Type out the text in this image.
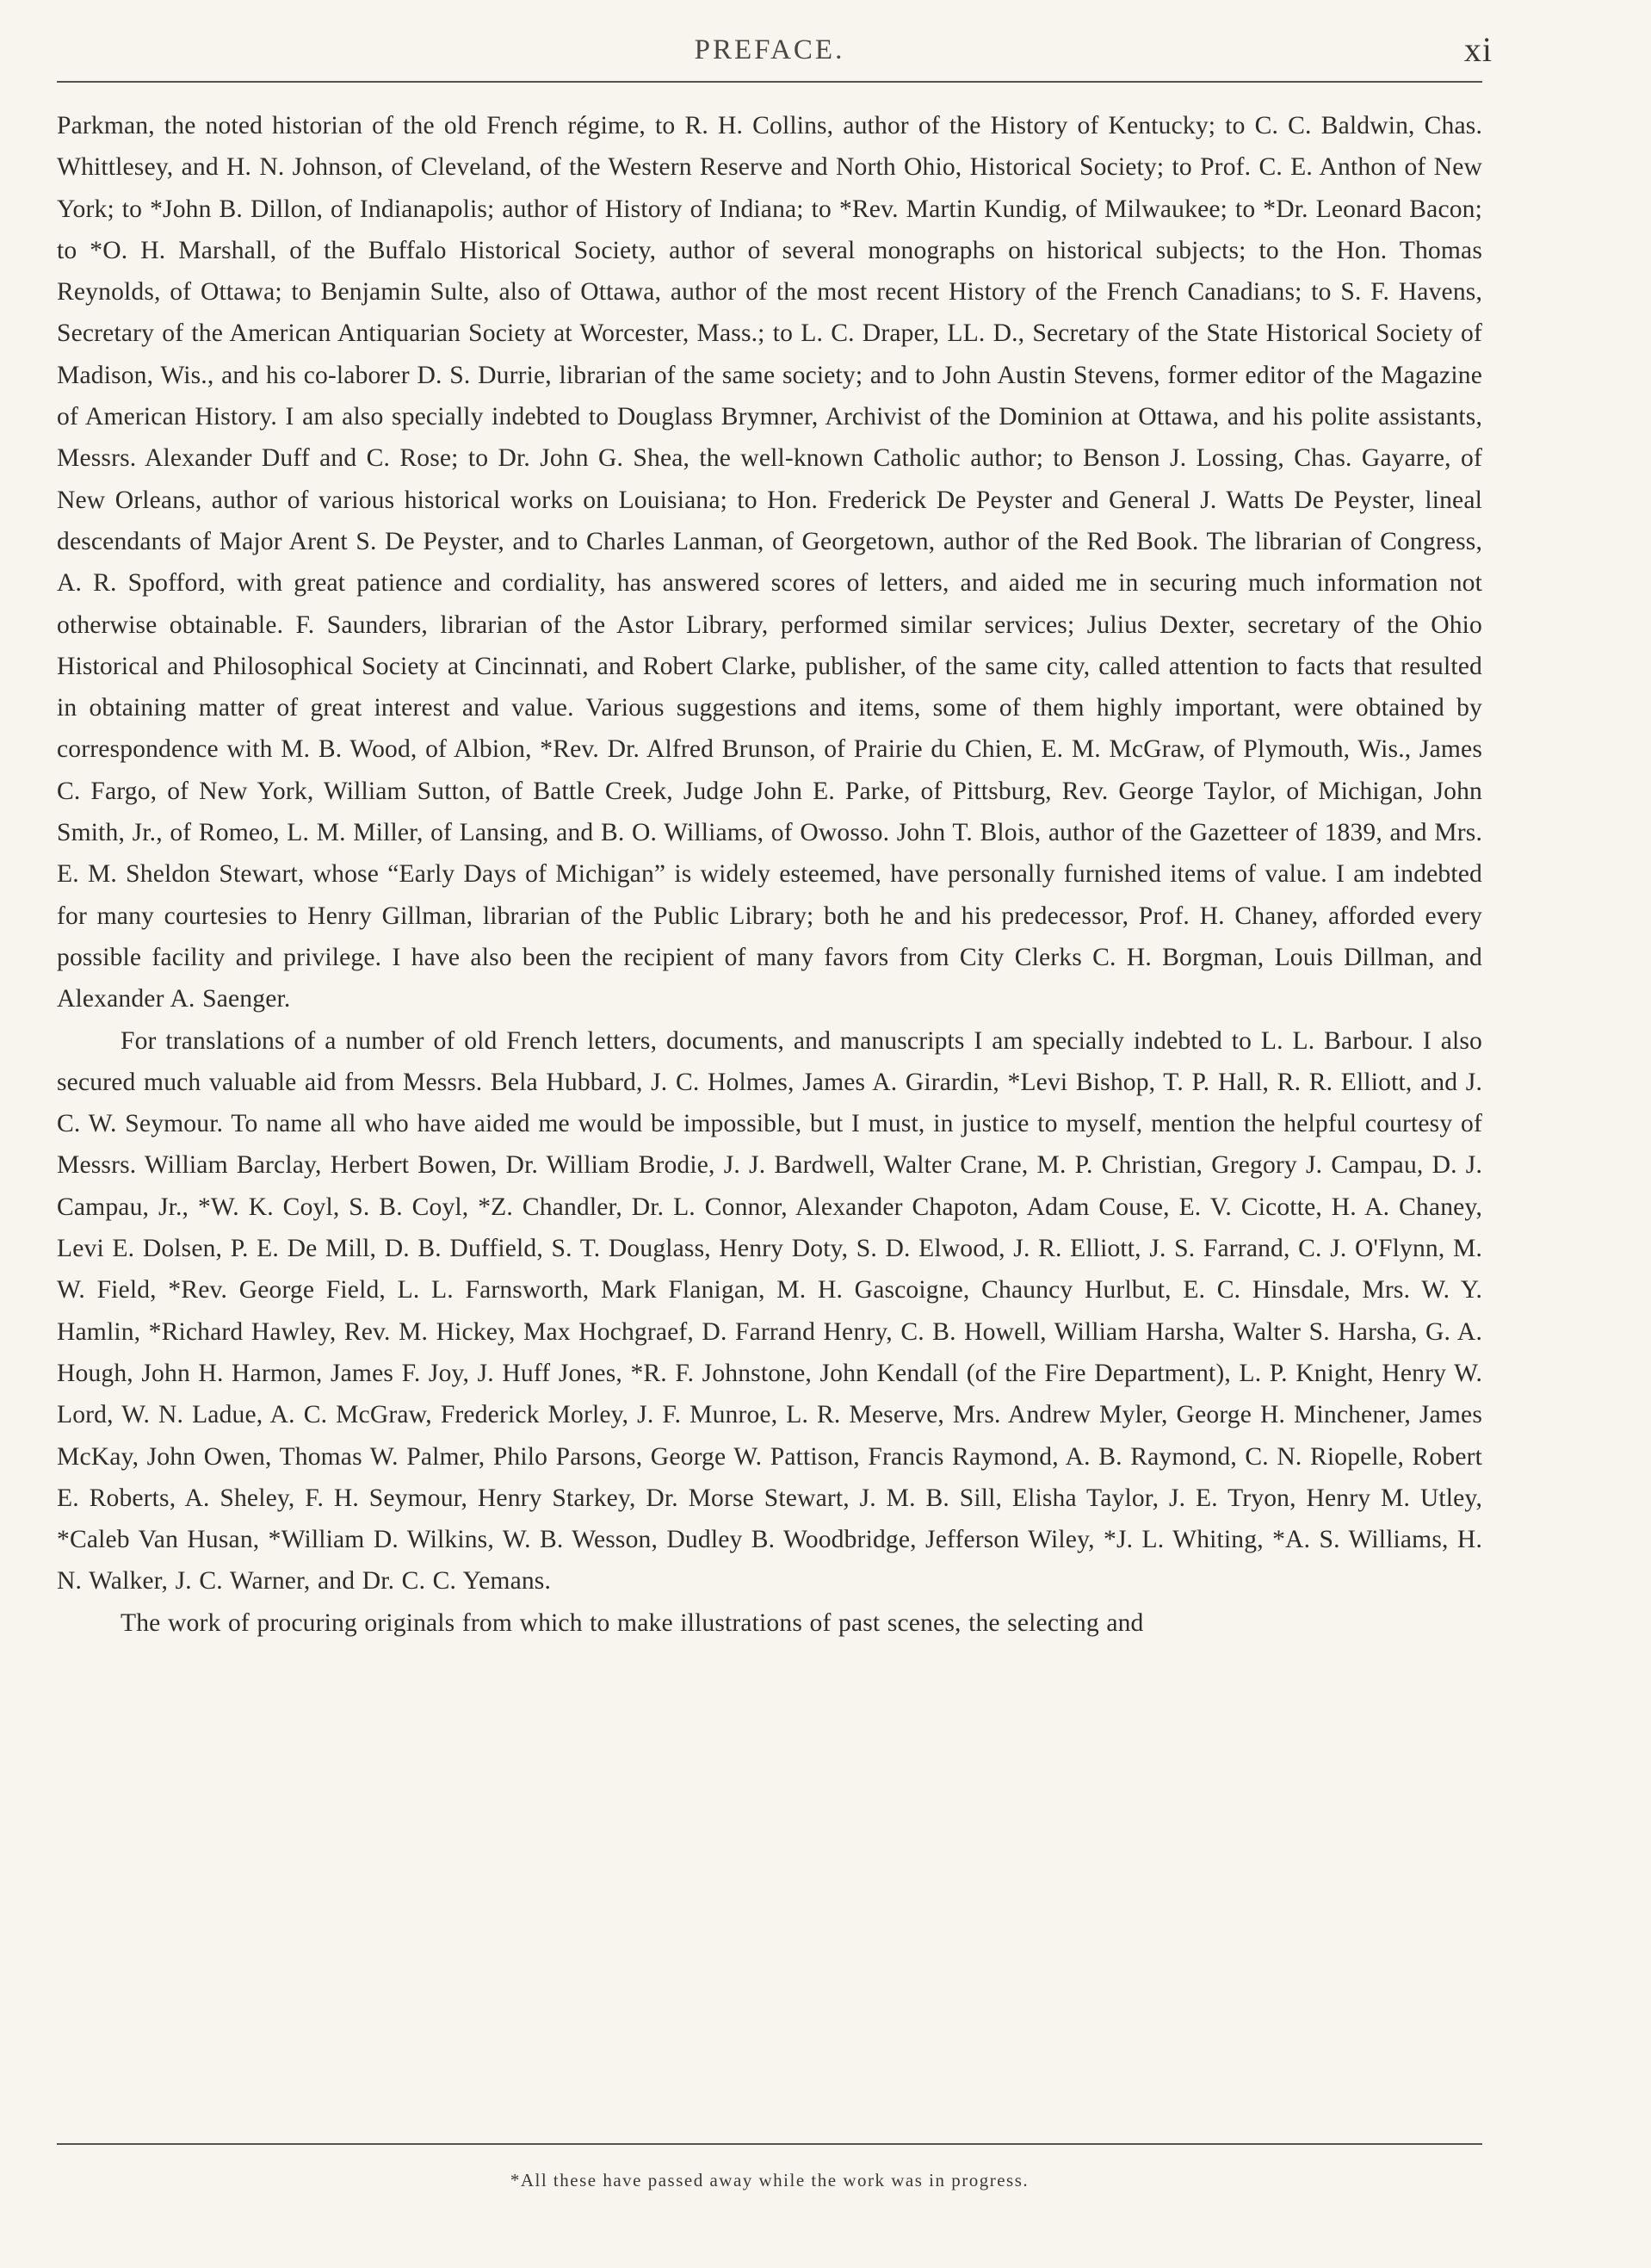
PREFACE.	xi

Parkman, the noted historian of the old French régime, to R. H. Collins, author of the History of Kentucky; to C. C. Baldwin, Chas. Whittlesey, and H. N. Johnson, of Cleveland, of the Western Reserve and North Ohio, Historical Society; to Prof. C. E. Anthon of New York; to *John B. Dillon, of Indianapolis; author of History of Indiana; to *Rev. Martin Kundig, of Milwaukee; to *Dr. Leonard Bacon; to *O. H. Marshall, of the Buffalo Historical Society, author of several monographs on historical subjects; to the Hon. Thomas Reynolds, of Ottawa; to Benjamin Sulte, also of Ottawa, author of the most recent History of the French Canadians; to S. F. Havens, Secretary of the American Antiquarian Society at Worcester, Mass.; to L. C. Draper, LL. D., Secretary of the State Historical Society of Madison, Wis., and his co-laborer D. S. Durrie, librarian of the same society; and to John Austin Stevens, former editor of the Magazine of American History. I am also specially indebted to Douglass Brymner, Archivist of the Dominion at Ottawa, and his polite assistants, Messrs. Alexander Duff and C. Rose; to Dr. John G. Shea, the well-known Catholic author; to Benson J. Lossing, Chas. Gayarre, of New Orleans, author of various historical works on Louisiana; to Hon. Frederick De Peyster and General J. Watts De Peyster, lineal descendants of Major Arent S. De Peyster, and to Charles Lanman, of Georgetown, author of the Red Book. The librarian of Congress, A. R. Spofford, with great patience and cordiality, has answered scores of letters, and aided me in securing much information not otherwise obtainable. F. Saunders, librarian of the Astor Library, performed similar services; Julius Dexter, secretary of the Ohio Historical and Philosophical Society at Cincinnati, and Robert Clarke, publisher, of the same city, called attention to facts that resulted in obtaining matter of great interest and value. Various suggestions and items, some of them highly important, were obtained by correspondence with M. B. Wood, of Albion, *Rev. Dr. Alfred Brunson, of Prairie du Chien, E. M. McGraw, of Plymouth, Wis., James C. Fargo, of New York, William Sutton, of Battle Creek, Judge John E. Parke, of Pittsburg, Rev. George Taylor, of Michigan, John Smith, Jr., of Romeo, L. M. Miller, of Lansing, and B. O. Williams, of Owosso. John T. Blois, author of the Gazetteer of 1839, and Mrs. E. M. Sheldon Stewart, whose “Early Days of Michigan” is widely esteemed, have personally furnished items of value. I am indebted for many courtesies to Henry Gillman, librarian of the Public Library; both he and his predecessor, Prof. H. Chaney, afforded every possible facility and privilege. I have also been the recipient of many favors from City Clerks C. H. Borgman, Louis Dillman, and Alexander A. Saenger.

For translations of a number of old French letters, documents, and manuscripts I am specially indebted to L. L. Barbour. I also secured much valuable aid from Messrs. Bela Hubbard, J. C. Holmes, James A. Girardin, *Levi Bishop, T. P. Hall, R. R. Elliott, and J. C. W. Seymour. To name all who have aided me would be impossible, but I must, in justice to myself, mention the helpful courtesy of Messrs. William Barclay, Herbert Bowen, Dr. William Brodie, J. J. Bardwell, Walter Crane, M. P. Christian, Gregory J. Campau, D. J. Campau, Jr., *W. K. Coyl, S. B. Coyl, *Z. Chandler, Dr. L. Connor, Alexander Chapoton, Adam Couse, E. V. Cicotte, H. A. Chaney, Levi E. Dolsen, P. E. De Mill, D. B. Duffield, S. T. Douglass, Henry Doty, S. D. Elwood, J. R. Elliott, J. S. Farrand, C. J. O'Flynn, M. W. Field, *Rev. George Field, L. L. Farnsworth, Mark Flanigan, M. H. Gascoigne, Chauncy Hurlbut, E. C. Hinsdale, Mrs. W. Y. Hamlin, *Richard Hawley, Rev. M. Hickey, Max Hochgraef, D. Farrand Henry, C. B. Howell, William Harsha, Walter S. Harsha, G. A. Hough, John H. Harmon, James F. Joy, J. Huff Jones, *R. F. Johnstone, John Kendall (of the Fire Department), L. P. Knight, Henry W. Lord, W. N. Ladue, A. C. McGraw, Frederick Morley, J. F. Munroe, L. R. Meserve, Mrs. Andrew Myler, George H. Minchener, James McKay, John Owen, Thomas W. Palmer, Philo Parsons, George W. Pattison, Francis Raymond, A. B. Raymond, C. N. Riopelle, Robert E. Roberts, A. Sheley, F. H. Seymour, Henry Starkey, Dr. Morse Stewart, J. M. B. Sill, Elisha Taylor, J. E. Tryon, Henry M. Utley, *Caleb Van Husan, *William D. Wilkins, W. B. Wesson, Dudley B. Woodbridge, Jefferson Wiley, *J. L. Whiting, *A. S. Williams, H. N. Walker, J. C. Warner, and Dr. C. C. Yemans.

The work of procuring originals from which to make illustrations of past scenes, the selecting and

*All these have passed away while the work was in progress.
